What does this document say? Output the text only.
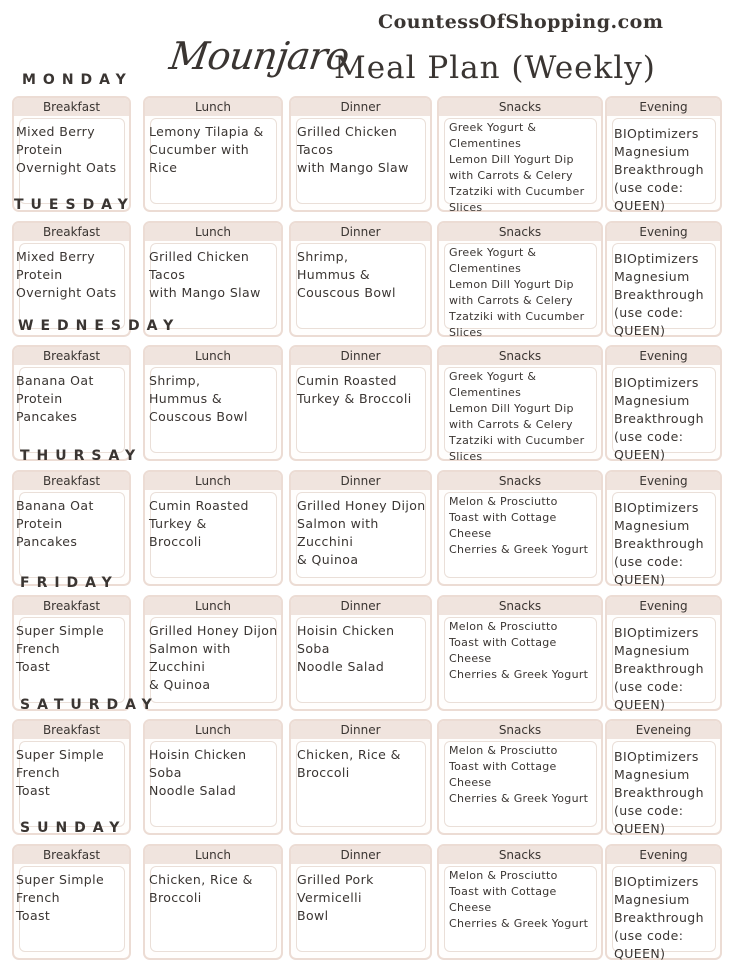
CountessOfShopping.com
Mounjaro
Meal Plan (Weekly)
MONDAY
Breakfast
Mixed Berry
Protein
Overnight Oats
Lunch
Lemony Tilapia &
Cucumber with
Rice
Dinner
Grilled Chicken
Tacos
with Mango Slaw
Snacks
Greek Yogurt &
Clementines
Lemon Dill Yogurt Dip
with Carrots & Celery
Tzatziki with Cucumber
Slices
Evening
BIOptimizers
Magnesium
Breakthrough
(use code:
QUEEN)
TUESDAY
Breakfast
Mixed Berry
Protein
Overnight Oats
Lunch
Grilled Chicken
Tacos
with Mango Slaw
Dinner
Shrimp,
Hummus &
Couscous Bowl
Snacks
Greek Yogurt &
Clementines
Lemon Dill Yogurt Dip
with Carrots & Celery
Tzatziki with Cucumber
Slices
Evening
BIOptimizers
Magnesium
Breakthrough
(use code:
QUEEN)
WEDNESDAY
Breakfast
Banana Oat
Protein
Pancakes
Lunch
Shrimp,
Hummus &
Couscous Bowl
Dinner
Cumin Roasted
Turkey & Broccoli
Snacks
Greek Yogurt &
Clementines
Lemon Dill Yogurt Dip
with Carrots & Celery
Tzatziki with Cucumber
Slices
Evening
BIOptimizers
Magnesium
Breakthrough
(use code:
QUEEN)
THURSAY
Breakfast
Banana Oat
Protein
Pancakes
Lunch
Cumin Roasted
Turkey &
Broccoli
Dinner
Grilled Honey Dijon
Salmon with
Zucchini
& Quinoa
Snacks
Melon & Prosciutto
Toast with Cottage
Cheese
Cherries & Greek Yogurt
Evening
BIOptimizers
Magnesium
Breakthrough
(use code:
QUEEN)
FRIDAY
Breakfast
Super Simple
French
Toast
Lunch
Grilled Honey Dijon
Salmon with
Zucchini
& Quinoa
Dinner
Hoisin Chicken
Soba
Noodle Salad
Snacks
Melon & Prosciutto
Toast with Cottage
Cheese
Cherries & Greek Yogurt
Evening
BIOptimizers
Magnesium
Breakthrough
(use code:
QUEEN)
SATURDAY
Breakfast
Super Simple
French
Toast
Lunch
Hoisin Chicken
Soba
Noodle Salad
Dinner
Chicken, Rice &
Broccoli
Snacks
Melon & Prosciutto
Toast with Cottage
Cheese
Cherries & Greek Yogurt
Eveneing
BIOptimizers
Magnesium
Breakthrough
(use code:
QUEEN)
SUNDAY
Breakfast
Super Simple
French
Toast
Lunch
Chicken, Rice &
Broccoli
Dinner
Grilled Pork
Vermicelli
Bowl
Snacks
Melon & Prosciutto
Toast with Cottage
Cheese
Cherries & Greek Yogurt
Evening
BIOptimizers
Magnesium
Breakthrough
(use code:
QUEEN)
